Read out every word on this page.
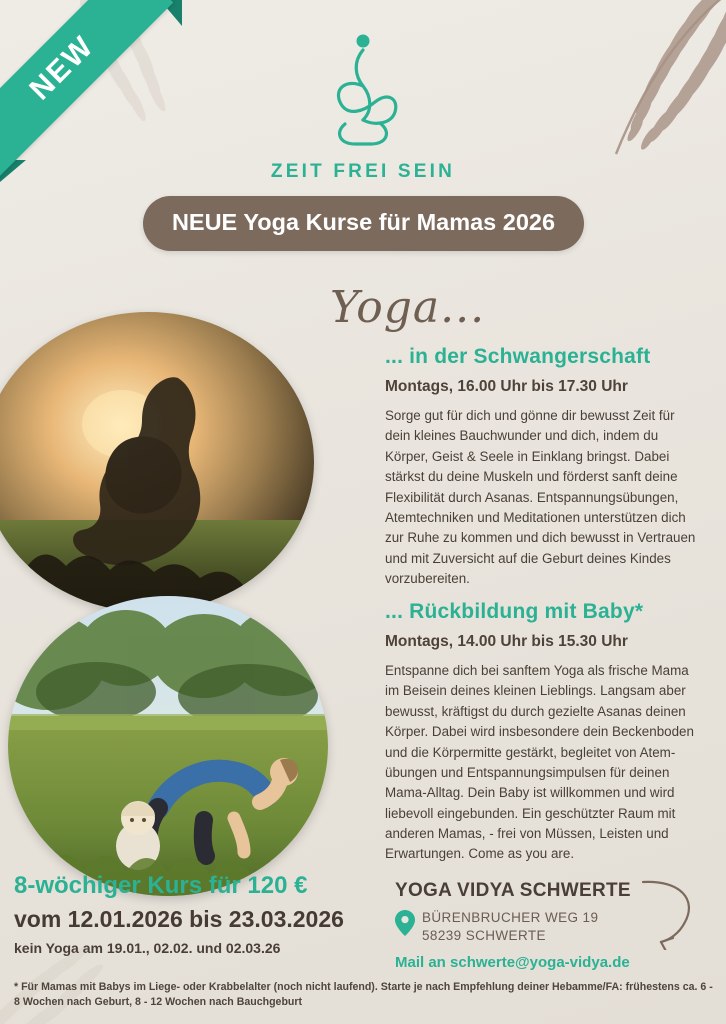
NEW
ZEIT FREI SEIN
NEUE Yoga Kurse für Mamas 2026
Yoga...
... in der Schwangerschaft
Montags, 16.00 Uhr bis 17.30 Uhr
Sorge gut für dich und gönne dir bewusst Zeit für dein kleines Bauchwunder und dich, indem du Körper, Geist & Seele in Einklang bringst. Dabei stärkst du deine Muskeln und förderst sanft deine Flexibilität durch Asanas. Entspannungsübungen, Atemtechniken und Meditationen unterstützen dich zur Ruhe zu kommen und dich bewusst in Vertrauen und mit Zuversicht auf die Geburt deines Kindes vorzubereiten.
... Rückbildung mit Baby*
Montags, 14.00 Uhr bis 15.30 Uhr
Entspanne dich bei sanftem Yoga als frische Mama im Beisein deines kleinen Lieblings. Langsam aber bewusst, kräftigst du durch gezielte Asanas deinen Körper. Dabei wird insbesondere dein Beckenboden und die Körpermitte gestärkt, begleitet von Atem-übungen und Entspannungsimpulsen für deinen Mama-Alltag. Dein Baby ist willkommen und wird liebevoll eingebunden. Ein geschützter Raum mit anderen Mamas, - frei von Müssen, Leisten und Erwartungen. Come as you are.
8-wöchiger Kurs für 120 €
vom 12.01.2026 bis 23.03.2026
kein Yoga am 19.01., 02.02. und 02.03.26
YOGA VIDYA SCHWERTE
BÜRENBRUCHER WEG 19
58239 SCHWERTE
Mail an schwerte@yoga-vidya.de
* Für Mamas mit Babys im Liege- oder Krabbelalter (noch nicht laufend). Starte je nach Empfehlung deiner Hebamme/FA: frühestens ca. 6 - 8 Wochen nach Geburt, 8 - 12 Wochen nach Bauchgeburt
